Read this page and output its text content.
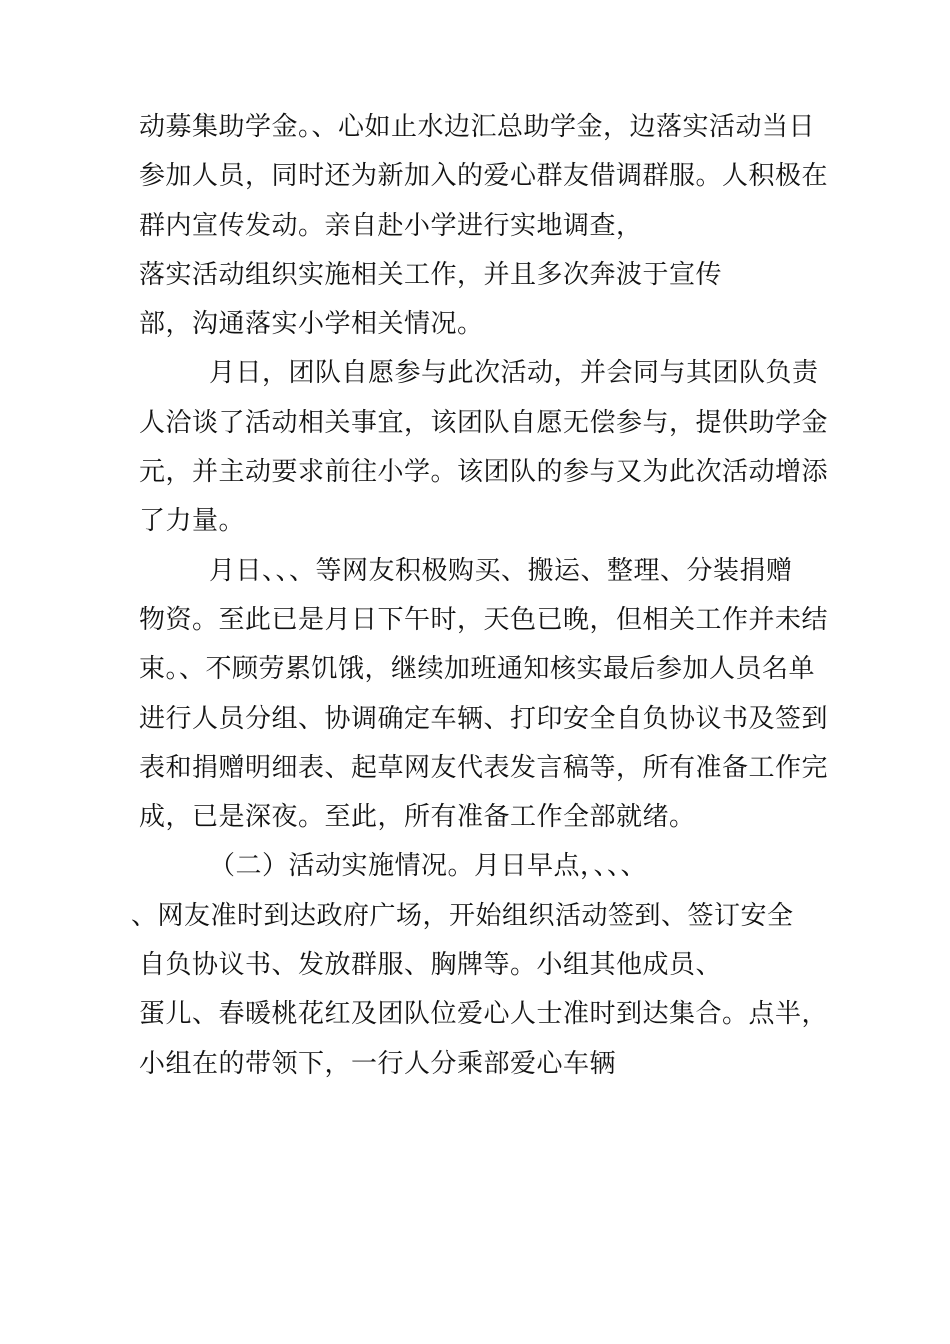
动募集助学金。、心如止水边汇总助学金，边落实活动当日
参加人员，同时还为新加入的爱心群友借调群服。人积极在
群内宣传发动。亲自赴小学进行实地调查，
落实活动组织实施相关工作，并且多次奔波于宣传
部，沟通落实小学相关情况。
月日，团队自愿参与此次活动，并会同与其团队负责
人洽谈了活动相关事宜，该团队自愿无偿参与，提供助学金
元，并主动要求前往小学。该团队的参与又为此次活动增添
了力量。
月日、、、等网友积极购买、搬运、整理、分装捐赠
物资。至此已是月日下午时，天色已晚，但相关工作并未结
束。、不顾劳累饥饿，继续加班通知核实最后参加人员名单
进行人员分组、协调确定车辆、打印安全自负协议书及签到
表和捐赠明细表、起草网友代表发言稿等，所有准备工作完
成，已是深夜。至此，所有准备工作全部就绪。
（二）活动实施情况。月日早点，、、、
、网友准时到达政府广场，开始组织活动签到、签订安全
自负协议书、发放群服、胸牌等。小组其他成员、
蛋儿、春暖桃花红及团队位爱心人士准时到达集合。点半，
小组在的带领下，一行人分乘部爱心车辆
